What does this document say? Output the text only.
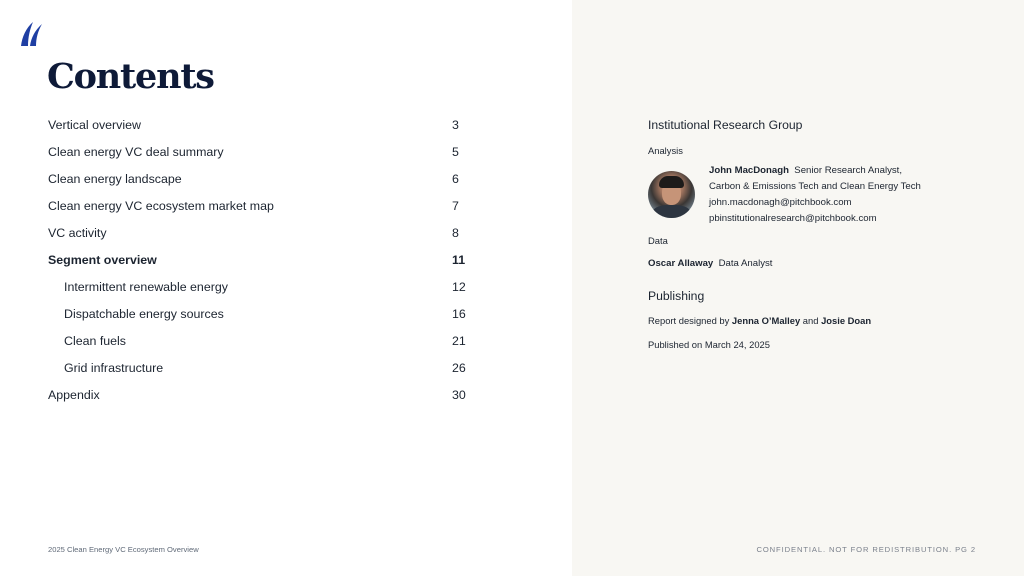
Contents
Vertical overview	3
Clean energy VC deal summary	5
Clean energy landscape	6
Clean energy VC ecosystem market map	7
VC activity	8
Segment overview	11
Intermittent renewable energy	12
Dispatchable energy sources	16
Clean fuels	21
Grid infrastructure	26
Appendix	30
Institutional Research Group
Analysis
John MacDonagh Senior Research Analyst,
Carbon & Emissions Tech and Clean Energy Tech
john.macdonagh@pitchbook.com
pbinstitutionalresearch@pitchbook.com
Data
Oscar Allaway Data Analyst
Publishing
Report designed by Jenna O’Malley and Josie Doan
Published on March 24, 2025
2025 Clean Energy VC Ecosystem Overview	CONFIDENTIAL. NOT FOR REDISTRIBUTION. PG 2
